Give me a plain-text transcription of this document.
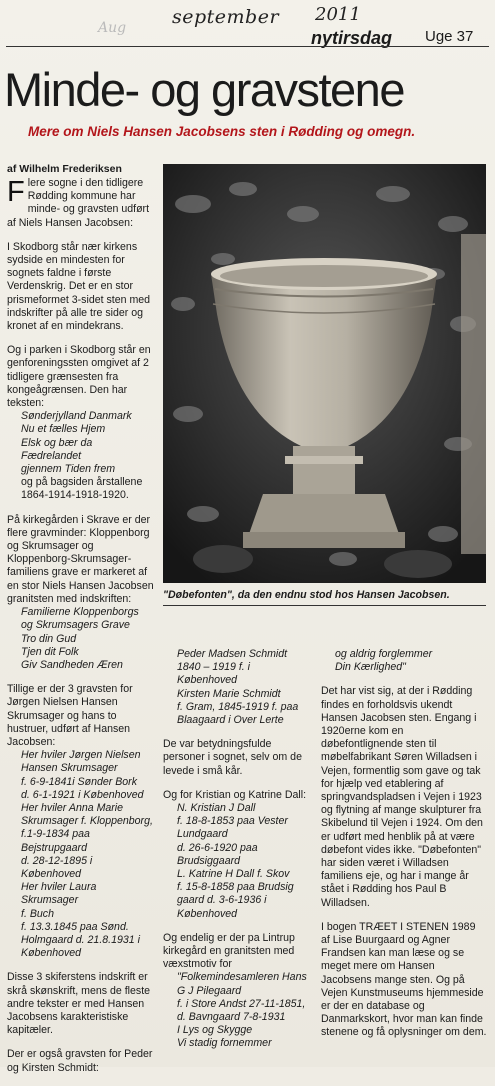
Aug september 2011
nytirsdag Uge 37
Minde- og gravstene
Mere om Niels Hansen Jacobsens sten i Rødding og omegn.
af Wilhelm Frederiksen
"Døbefonten", da den endnu stod hos Hansen Jacobsen.

Flere sogne i den tidligere Rødding kommune har minde- og gravsten udført af Niels Hansen Jacobsen:

I Skodborg står nær kirkens sydside en mindesten for sognets faldne i første Verdenskrig. Det er en stor prismeformet 3-sidet sten med indskrifter på alle tre sider og kronet af en mindekrans.

Og i parken i Skodborg står en genforeningssten omgivet af 2 tidligere grænsesten fra kongeågrænsen. Den har teksten:

Sønderjylland Danmark

Nu et fælles Hjem

Elsk og bær da Fædrelandet

gjennem Tiden frem

og på bagsiden årstallene 1864-1914-1918-1920.

På kirkegården i Skrave er der flere gravminder: Kloppenborg og Skrumsager og Kloppenborg-Skrumsager-familiens grave er markeret af en stor Niels Hansen Jacobsen granitsten med indskriften:

Familierne Kloppenborgs

og Skrumsagers Grave

Tro din Gud

Tjen dit Folk

Giv Sandheden Æren

Tillige er der 3 gravsten for Jørgen Nielsen Hansen Skrumsager og hans to hustruer, udført af Hansen Jacobsen:

Her hviler Jørgen Nielsen

Hansen Skrumsager

f. 6-9-1841i Sønder Bork

d. 6-1-1921 i Københoved

Her hviler Anna Marie

Skrumsager f. Kloppenborg,

f.1-9-1834 paa Bejstrupgaard

d. 28-12-1895 i Københoved

Her hviler Laura Skrumsager

f. Buch

f. 13.3.1845 paa Sønd.

Holmgaard d. 21.8.1931 i

Københoved

Disse 3 skiferstens indskrift er skrå skønskrift, mens de fleste andre tekster er med Hansen Jacobsens karakteristiske kapitæler.

Der er også gravsten for Peder og Kirsten Schmidt:

Peder Madsen Schmidt

1840 – 1919 f. i Københoved

Kirsten Marie Schmidt

f. Gram, 1845-1919 f. paa

Blaagaard i Over Lerte

De var betydningsfulde personer i sognet, selv om de levede i små kår.

Og for Kristian og Katrine Dall:

N. Kristian J Dall

f. 18-8-1853 paa Vester

Lundgaard

d. 26-6-1920 paa

Brudsiggaard

L. Katrine H Dall f. Skov

f. 15-8-1858 paa Brudsig

gaard d. 3-6-1936 i

Københoved

Og endelig er der pa Lintrup kirkegård en granitsten med væxstmotiv for

"Folkemindesamleren Hans

G J Pilegaard

f. i Store Andst 27-11-1851,

d. Bavngaard 7-8-1931

I Lys og Skygge

Vi stadig fornemmer

og aldrig forglemmer

Din Kærlighed"

Det har vist sig, at der i Rødding findes en forholdsvis ukendt Hansen Jacobsen sten. Engang i 1920erne kom en døbefontlignende sten til møbelfabrikant Søren Willadsen i Vejen, formentlig som gave og tak for hjælp ved etablering af springvandspladsen i Vejen i 1923 og flytning af mange skulpturer fra Skibelund til Vejen i 1924. Om den er udført med henblik på at være døbefont vides ikke. "Døbefonten" har siden været i Willadsen familiens eje, og har i mange år stået i Rødding hos Paul B Willadsen.

I bogen TRÆET I STENEN 1989 af Lise Buurgaard og Agner Frandsen kan man læse og se meget mere om Hansen Jacobsens mange sten. Og på Vejen Kunstmuseums hjemmeside er der en database og Danmarkskort, hvor man kan finde stenene og få oplysninger om dem.
